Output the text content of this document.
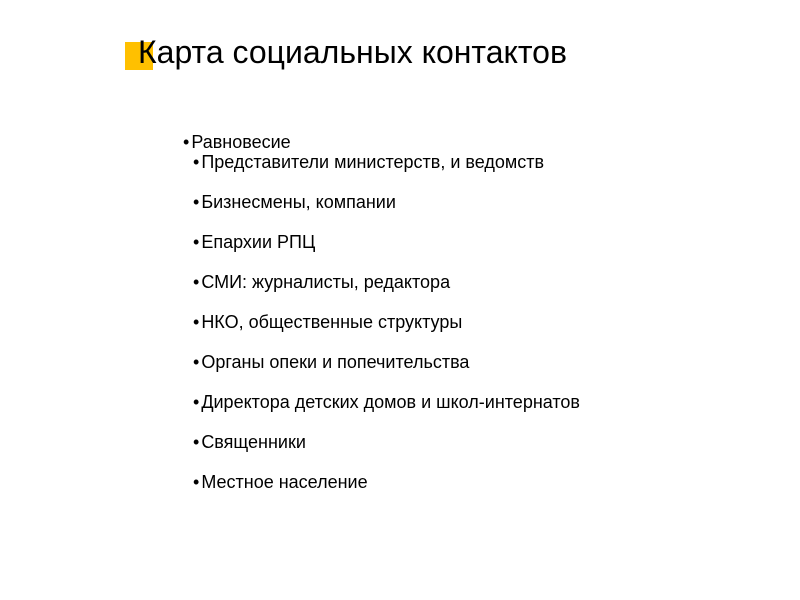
Карта социальных контактов
• Равновесие
• Представители министерств, и ведомств
• Бизнесмены, компании
• Епархии РПЦ
• СМИ: журналисты, редактора
• НКО, общественные структуры
• Органы опеки и попечительства
• Директора детских домов и школ-интернатов
• Священники
• Местное население
